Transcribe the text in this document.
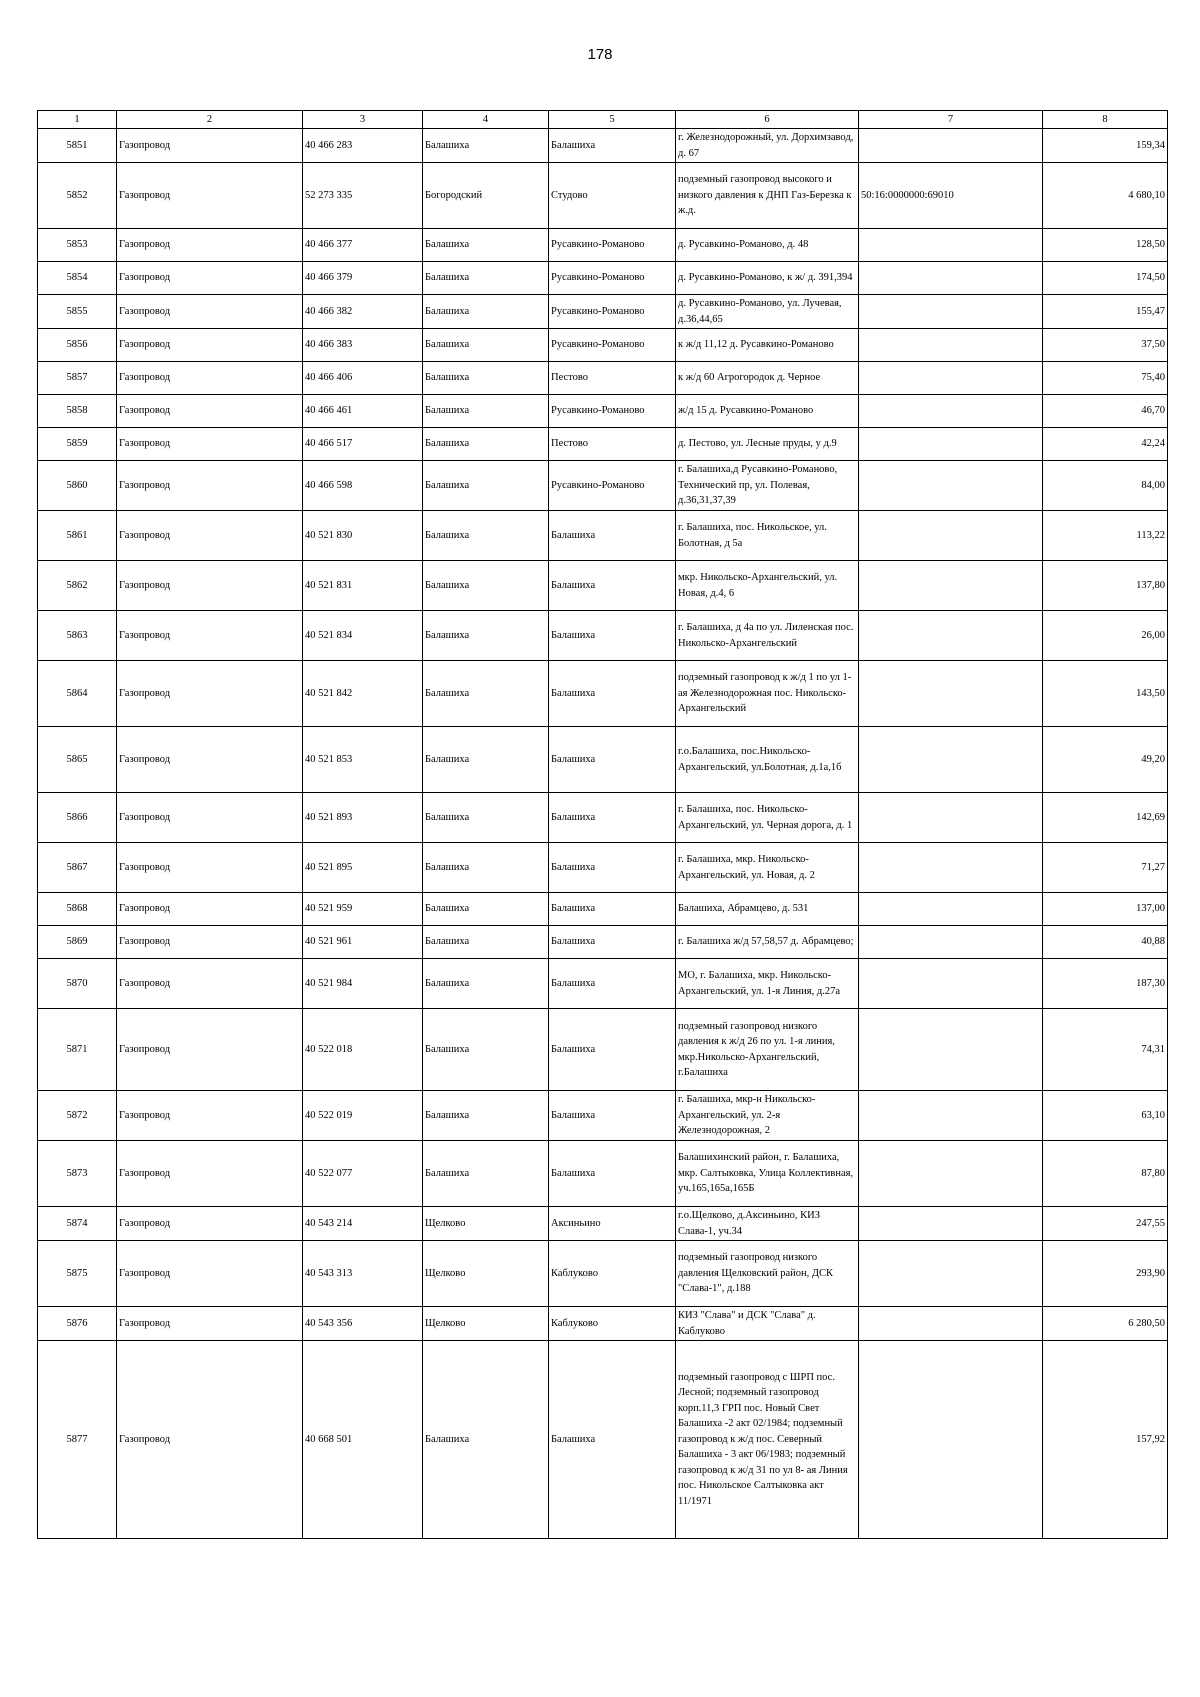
178
1	2	3	4	5	6	7	8
5851	Газопровод	40 466 283	Балашиха	Балашиха	г. Железнодорожный, ул. Дорхимзавод, д. 67		159,34
5852	Газопровод	52 273 335	Богородский	Студово	подземный газопровод высокого и низкого давления к ДНП Газ-Березка к ж.д.	50:16:0000000:69010	4 680,10
5853	Газопровод	40 466 377	Балашиха	Русавкино-Романово	д. Русавкино-Романово, д. 48		128,50
5854	Газопровод	40 466 379	Балашиха	Русавкино-Романово	д. Русавкино-Романово, к ж/ д. 391,394		174,50
5855	Газопровод	40 466 382	Балашиха	Русавкино-Романово	д. Русавкино-Романово, ул. Лучевая, д.36,44,65		155,47
5856	Газопровод	40 466 383	Балашиха	Русавкино-Романово	к ж/д 11,12 д. Русавкино-Романово		37,50
5857	Газопровод	40 466 406	Балашиха	Пестово	к ж/д 60 Агрогородок д. Черное		75,40
5858	Газопровод	40 466 461	Балашиха	Русавкино-Романово	ж/д 15 д. Русавкино-Романово		46,70
5859	Газопровод	40 466 517	Балашиха	Пестово	д. Пестово, ул. Лесные пруды, у д.9		42,24
5860	Газопровод	40 466 598	Балашиха	Русавкино-Романово	г. Балашиха,д Русавкино-Романово, Технический пр, ул. Полевая, д.36,31,37,39		84,00
5861	Газопровод	40 521 830	Балашиха	Балашиха	г. Балашиха, пос. Никольское, ул. Болотная, д 5а		113,22
5862	Газопровод	40 521 831	Балашиха	Балашиха	мкр. Никольско-Архангельский, ул. Новая, д.4, 6		137,80
5863	Газопровод	40 521 834	Балашиха	Балашиха	г. Балашиха, д 4а по ул. Лиленская пос. Никольско-Архангельский		26,00
5864	Газопровод	40 521 842	Балашиха	Балашиха	подземный газопровод к ж/д 1 по ул 1-ая Железнодорожная пос. Никольско-Архангельский		143,50
5865	Газопровод	40 521 853	Балашиха	Балашиха	г.о.Балашиха, пос.Никольско-Архангельский, ул.Болотная, д.1а,1б		49,20
5866	Газопровод	40 521 893	Балашиха	Балашиха	г. Балашиха, пос. Никольско-Архангельский, ул. Черная дорога, д. 1		142,69
5867	Газопровод	40 521 895	Балашиха	Балашиха	г. Балашиха, мкр. Никольско-Архангельский, ул. Новая, д. 2		71,27
5868	Газопровод	40 521 959	Балашиха	Балашиха	Балашиха, Абрамцево, д. 531		137,00
5869	Газопровод	40 521 961	Балашиха	Балашиха	г. Балашиха ж/д 57,58,57 д. Абрамцево;		40,88
5870	Газопровод	40 521 984	Балашиха	Балашиха	МО, г. Балашиха, мкр. Никольско-Архангельский, ул. 1-я Линия, д.27а		187,30
5871	Газопровод	40 522 018	Балашиха	Балашиха	подземный газопровод низкого давления к ж/д 26 по ул. 1-я линия, мкр.Никольско-Архангельский, г.Балашиха		74,31
5872	Газопровод	40 522 019	Балашиха	Балашиха	г. Балашиха, мкр-н Никольско-Архангельский, ул. 2-я Железнодорожная, 2		63,10
5873	Газопровод	40 522 077	Балашиха	Балашиха	Балашихинский район, г. Балашиха, мкр. Салтыковка, Улица Коллективная, уч.165,165а,165Б		87,80
5874	Газопровод	40 543 214	Щелково	Аксиньино	г.о.Щелково, д.Аксиньино, КИЗ Слава-1, уч.34		247,55
5875	Газопровод	40 543 313	Щелково	Каблуково	подземный газопровод низкого давления Щелковский район, ДСК "Слава-1", д.188		293,90
5876	Газопровод	40 543 356	Щелково	Каблуково	КИЗ "Слава" и ДСК "Слава" д. Каблуково		6 280,50
5877	Газопровод	40 668 501	Балашиха	Балашиха	подземный газопровод с ШРП пос. Лесной; подземный газопровод корп.11,3 ГРП пос. Новый Свет Балашиха -2 акт 02/1984; подземный газопровод к ж/д пос. Северный Балашиха - 3 акт 06/1983; подземный газопровод к ж/д 31 по ул 8- ая Линия пос. Никольское Салтыковка акт 11/1971		157,92
